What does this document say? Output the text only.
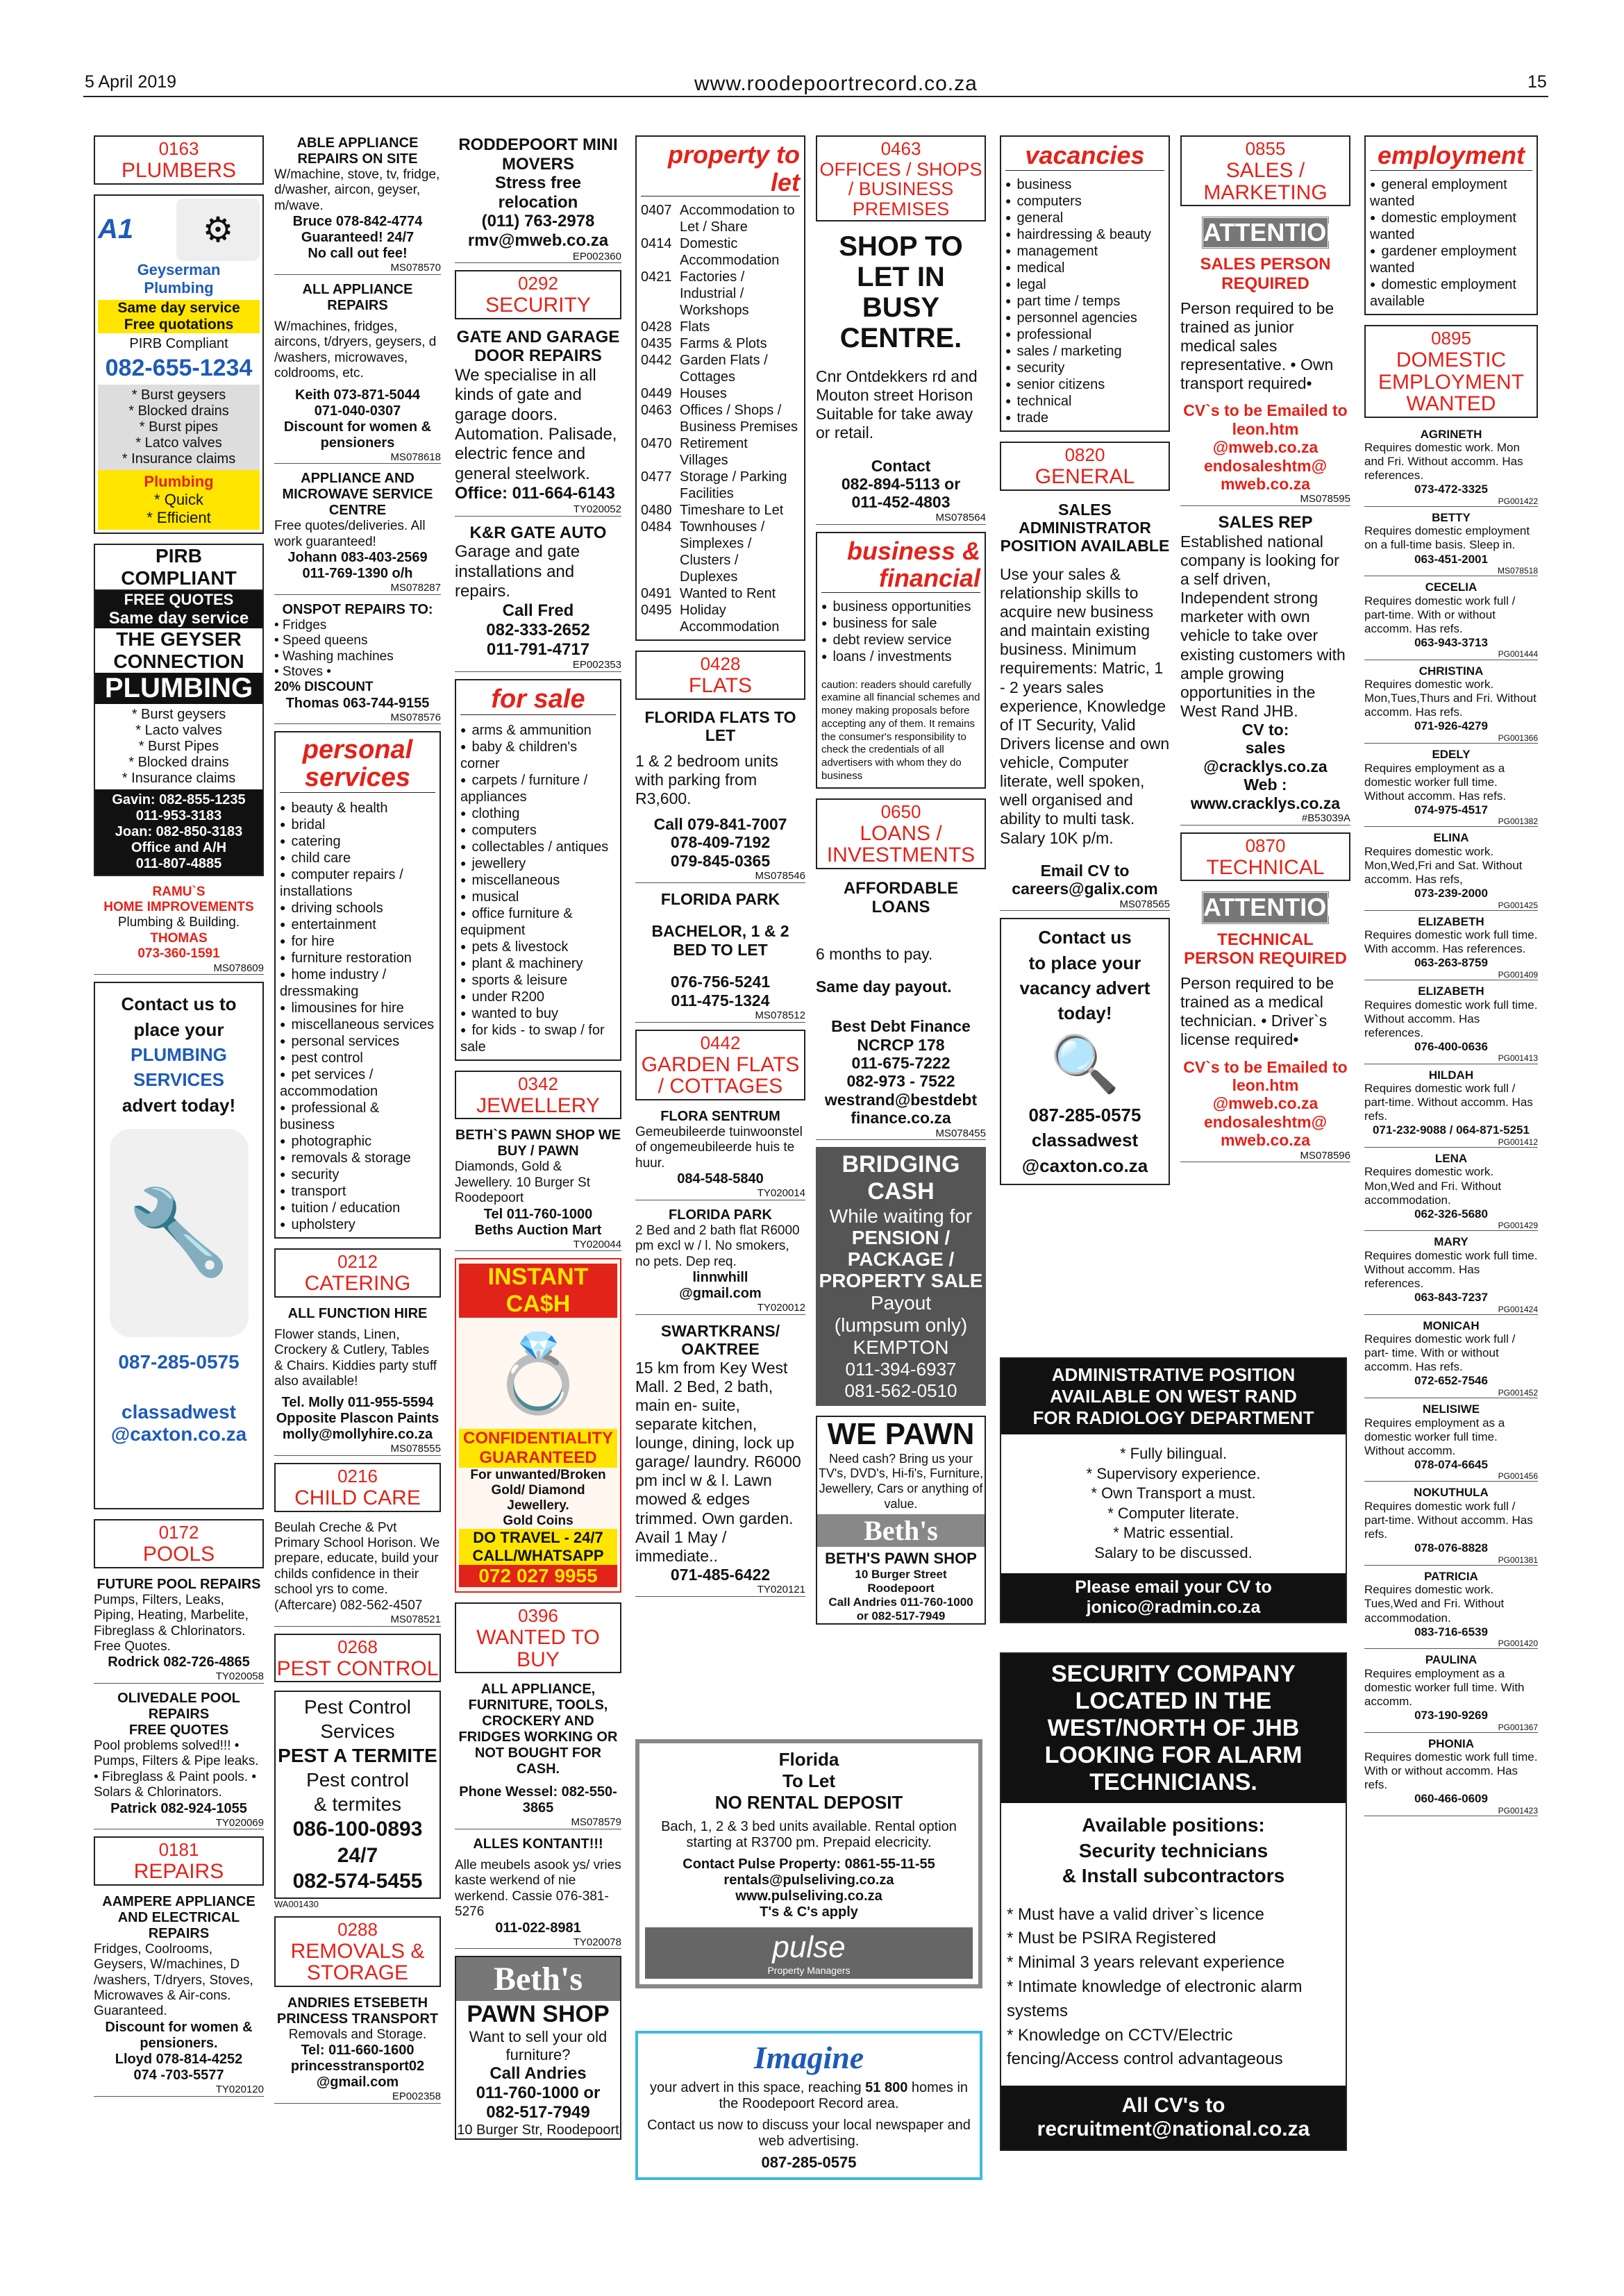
5 April 2019	www.roodepoortrecord.co.za	15
0163
PLUMBERS
A1	⚙
Geyserman
Plumbing
Same day service
Free quotations
PIRB Compliant
082-655-1234
* Burst geysers
* Blocked drains
* Burst pipes
* Latco valves
* Insurance claims
Plumbing
* Quick
* Efficient
PIRB COMPLIANT
FREE QUOTES
Same day service
THE GEYSER
CONNECTION
PLUMBING
* Burst geysers
* Lacto valves
* Burst Pipes
* Blocked drains
* Insurance claims
Gavin: 082-855-1235
011-953-3183
Joan: 082-850-3183
Office and A/H
011-807-4885
RAMU`S
HOME IMPROVEMENTS
Plumbing & Building.
THOMAS
073-360-1591
MS078609
Contact us to
place your
PLUMBING
SERVICES
advert today!
🔧
087-285-0575
classadwest
@caxton.co.za
0172
POOLS
FUTURE POOL REPAIRS
Pumps, Filters, Leaks, Piping, Heating, Marbelite, Fibreglass & Chlorinators. Free Quotes.
Rodrick 082-726-4865
TY020058
OLIVEDALE POOL REPAIRS
FREE QUOTES
Pool problems solved!!! • Pumps, Filters & Pipe leaks. • Fibreglass & Paint pools. • Solars & Chlorinators.
Patrick 082-924-1055
TY020069
0181
REPAIRS
AAMPERE APPLIANCE AND ELECTRICAL REPAIRS
Fridges, Coolrooms, Geysers, W/machines, D /washers, T/dryers, Stoves, Microwaves & Air-cons. Guaranteed.
Discount for women & pensioners.
Lloyd 078-814-4252
074 -703-5577
TY020120
ABLE APPLIANCE REPAIRS ON SITE
W/machine, stove, tv, fridge, d/washer, aircon, geyser, m/wave.
Bruce 078-842-4774
Guaranteed! 24/7
No call out fee!
MS078570
ALL APPLIANCE REPAIRS
W/machines, fridges, aircons, t/dryers, geysers, d /washers, microwaves, coldrooms, etc.
Keith 073-871-5044
071-040-0307
Discount for women & pensioners
MS078618
APPLIANCE AND MICROWAVE SERVICE CENTRE
Free quotes/deliveries. All work guaranteed!
Johann 083-403-2569
011-769-1390 o/h
MS078287
ONSPOT REPAIRS TO:
• Fridges
• Speed queens
• Washing machines
• Stoves •
20% DISCOUNT
Thomas 063-744-9155
MS078576
personal services
● beauty & health
● bridal
● catering
● child care
● computer repairs / installations
● driving schools
● entertainment
● for hire
● furniture restoration
● home industry / dressmaking
● limousines for hire
● miscellaneous services
● personal services
● pest control
● pet services / accommodation
● professional & business
● photographic
● removals & storage
● security
● transport
● tuition / education
● upholstery
0212
CATERING
ALL FUNCTION HIRE
Flower stands, Linen, Crockery & Cutlery, Tables & Chairs. Kiddies party stuff also available!
Tel. Molly 011-955-5594
Opposite Plascon Paints
molly@mollyhire.co.za
MS078555
0216
CHILD CARE
Beulah Creche & Pvt Primary School Horison. We prepare, educate, build your childs confidence in their school yrs to come. (Aftercare) 082-562-4507
MS078521
0268
PEST CONTROL
Pest Control
Services
PEST A TERMITE
Pest control
& termites
086-100-0893
24/7
082-574-5455
WA001430
0288
REMOVALS & STORAGE
ANDRIES ETSEBETH PRINCESS TRANSPORT
Removals and Storage.
Tel: 011-660-1600
princesstransport02
@gmail.com
EP002358
RODDEPOORT MINI MOVERS
Stress free relocation
(011) 763-2978
rmv@mweb.co.za
EP002360
0292
SECURITY
GATE AND GARAGE DOOR REPAIRS
We specialise in all kinds of gate and garage doors. Automation. Palisade, electric fence and general steelwork.
Office: 011-664-6143
TY020052
K&R GATE AUTO
Garage and gate installations and repairs.
Call Fred
082-333-2652
011-791-4717
EP002353
for sale
● arms & ammunition
● baby & children's corner
● carpets / furniture / appliances
● clothing
● computers
● collectables / antiques
● jewellery
● miscellaneous
● musical
● office furniture & equipment
● pets & livestock
● plant & machinery
● sports & leisure
● under R200
● wanted to buy
● for kids - to swap / for sale
0342
JEWELLERY
BETH`S PAWN SHOP WE BUY / PAWN
Diamonds, Gold & Jewellery. 10 Burger St Roodepoort
Tel 011-760-1000
Beths Auction Mart
TY020044
INSTANT CA$H
💍
CONFIDENTIALITY GUARANTEED
For unwanted/Broken Gold/ Diamond Jewellery.
Gold Coins
DO TRAVEL - 24/7
CALL/WHATSAPP
072 027 9955
0396
WANTED TO BUY
ALL APPLIANCE, FURNITURE, TOOLS, CROCKERY AND FRIDGES WORKING OR NOT BOUGHT FOR CASH.
Phone Wessel: 082-550-3865
MS078579
ALLES KONTANT!!!
Alle meubels asook ys/ vries kaste werkend of nie werkend. Cassie 076-381-5276
011-022-8981
TY020078
Beth's
PAWN SHOP
Want to sell your old furniture?
Call Andries
011-760-1000 or
082-517-7949
10 Burger Str, Roodepoort
property to let
0407 Accommodation to Let / Share
0414 Domestic Accommodation
0421 Factories / Industrial / Workshops
0428 Flats
0435 Farms & Plots
0442 Garden Flats / Cottages
0449 Houses
0463 Offices / Shops / Business Premises
0470 Retirement Villages
0477 Storage / Parking Facilities
0480 Timeshare to Let
0484 Townhouses / Simplexes / Clusters / Duplexes
0491 Wanted to Rent
0495 Holiday Accommodation
0428
FLATS
FLORIDA FLATS TO LET
1 & 2 bedroom units with parking from R3,600.
Call 079-841-7007
078-409-7192
079-845-0365
MS078546
FLORIDA PARK
BACHELOR, 1 & 2 BED TO LET
076-756-5241
011-475-1324
MS078512
0442
GARDEN FLATS / COTTAGES
FLORA SENTRUM
Gemeubileerde tuinwoonstel of ongemeubileerde huis te huur.
084-548-5840
TY020014
FLORIDA PARK
2 Bed and 2 bath flat R6000 pm excl w / l. No smokers, no pets. Dep req.
linnwhill
@gmail.com
TY020012
SWARTKRANS/ OAKTREE
15 km from Key West Mall. 2 Bed, 2 bath, main en- suite, separate kitchen, lounge, dining, lock up garage/ laundry. R6000 pm incl w & l. Lawn mowed & edges trimmed. Own garden. Avail 1 May / immediate..
071-485-6422
TY020121
Florida
To Let
NO RENTAL DEPOSIT
Bach, 1, 2 & 3 bed units available. Rental option starting at R3700 pm. Prepaid elecricity.
Contact Pulse Property: 0861-55-11-55
rentals@pulseliving.co.za
www.pulseliving.co.za
T's & C's apply
pulse
Property Managers
Imagine
your advert in this space, reaching 51 800 homes in the Roodepoort Record area.
Contact us now to discuss your local newspaper and web advertising.
087-285-0575
0463
OFFICES / SHOPS / BUSINESS PREMISES
SHOP TO LET IN BUSY CENTRE.
Cnr Ontdekkers rd and Mouton street Horison Suitable for take away or retail.
Contact
082-894-5113 or
011-452-4803
MS078564
business & financial
● business opportunities
● business for sale
● debt review service
● loans / investments
caution: readers should carefully examine all financial schemes and money making proposals before accepting any of them. It remains the consumer's responsibility to check the credentials of all advertisers with whom they do business
0650
LOANS / INVESTMENTS
AFFORDABLE LOANS
6 months to pay.
Same day payout.
Best Debt Finance
NCRCP 178
011-675-7222
082-973 - 7522
westrand@bestdebt
finance.co.za
MS078455
BRIDGING CASH
While waiting for
PENSION / PACKAGE / PROPERTY SALE
Payout
(lumpsum only)
KEMPTON
011-394-6937
081-562-0510
WE PAWN
Need cash? Bring us your TV's, DVD's, Hi-fi's, Furniture, Jewellery, Cars or anything of value.
Beth's
BETH'S PAWN SHOP
10 Burger Street
Roodepoort
Call Andries 011-760-1000
or 082-517-7949
vacancies
● business
● computers
● general
● hairdressing & beauty
● management
● medical
● legal
● part time / temps
● personnel agencies
● professional
● sales / marketing
● security
● senior citizens
● technical
● trade
0820
GENERAL
SALES ADMINISTRATOR POSITION AVAILABLE
Use your sales & relationship skills to acquire new business and maintain existing business. Minimum requirements: Matric, 1 - 2 years sales experience, Knowledge of IT Security, Valid Drivers license and own vehicle, Computer literate, well spoken, well organised and ability to multi task. Salary 10K p/m.
Email CV to
careers@galix.com
MS078565
Contact us
to place your
vacancy advert
today!
🔍
087-285-0575
classadwest
@caxton.co.za
0855
SALES / MARKETING
ATTENTION!
SALES PERSON REQUIRED
Person required to be trained as junior medical sales representative. • Own transport required•
CV`s to be Emailed to
leon.htm
@mweb.co.za
endosaleshtm@
mweb.co.za
MS078595
SALES REP
Established national company is looking for a self driven, Independent strong marketer with own vehicle to take over existing customers with ample growing opportunities in the West Rand JHB.
CV to:
sales
@cracklys.co.za
Web :
www.cracklys.co.za
#B53039A
0870
TECHNICAL
ATTENTION!
TECHNICAL PERSON REQUIRED
Person required to be trained as a medical technician. • Driver`s license required•
CV`s to be Emailed to
leon.htm
@mweb.co.za
endosaleshtm@
mweb.co.za
MS078596
ADMINISTRATIVE POSITION
AVAILABLE ON WEST RAND
FOR RADIOLOGY DEPARTMENT
* Fully bilingual.
* Supervisory experience.
* Own Transport a must.
* Computer literate.
* Matric essential.
Salary to be discussed.
Please email your CV to
jonico@radmin.co.za
SECURITY COMPANY
LOCATED IN THE
WEST/NORTH OF JHB
LOOKING FOR ALARM
TECHNICIANS.
Available positions:
Security technicians
& Install subcontractors
* Must have a valid driver`s licence
* Must be PSIRA Registered
* Minimal 3 years relevant experience
* Intimate knowledge of electronic alarm systems
* Knowledge on CCTV/Electric fencing/Access control advantageous
All CV's to
recruitment@national.co.za
employment
● general employment wanted
● domestic employment wanted
● gardener employment wanted
● domestic employment available
0895
DOMESTIC EMPLOYMENT WANTED
AGRINETH
Requires domestic work. Mon and Fri. Without accomm. Has references.
073-472-3325
PG001422
BETTY
Requires domestic employment on a full-time basis. Sleep in.
063-451-2001
MS078518
CECELIA
Requires domestic work full / part-time. With or without accomm. Has refs.
063-943-3713
PG001444
CHRISTINA
Requires domestic work. Mon,Tues,Thurs and Fri. Without accomm. Has refs.
071-926-4279
PG001366
EDELY
Requires employment as a domestic worker full time. Without accomm. Has refs.
074-975-4517
PG001382
ELINA
Requires domestic work. Mon,Wed,Fri and Sat. Without accomm. Has refs,
073-239-2000
PG001425
ELIZABETH
Requires domestic work full time. With accomm. Has references.
063-263-8759
PG001409
ELIZABETH
Requires domestic work full time. Without accomm. Has references.
076-400-0636
PG001413
HILDAH
Requires domestic work full / part-time. Without accomm. Has refs.
071-232-9088 / 064-871-5251
PG001412
LENA
Requires domestic work. Mon,Wed and Fri. Without accommodation.
062-326-5680
PG001429
MARY
Requires domestic work full time. Without accomm. Has references.
063-843-7237
PG001424
MONICAH
Requires domestic work full / part- time. With or without accomm. Has refs.
072-652-7546
PG001452
NELISIWE
Requires employment as a domestic worker full time. Without accomm.
078-074-6645
PG001456
NOKUTHULA
Requires domestic work full / part-time. Without accomm. Has refs.
078-076-8828
PG001381
PATRICIA
Requires domestic work. Tues,Wed and Fri. Without accommodation.
083-716-6539
PG001420
PAULINA
Requires employment as a domestic worker full time. With accomm.
073-190-9269
PG001367
PHONIA
Requires domestic work full time. With or without accomm. Has refs.
060-466-0609
PG001423
